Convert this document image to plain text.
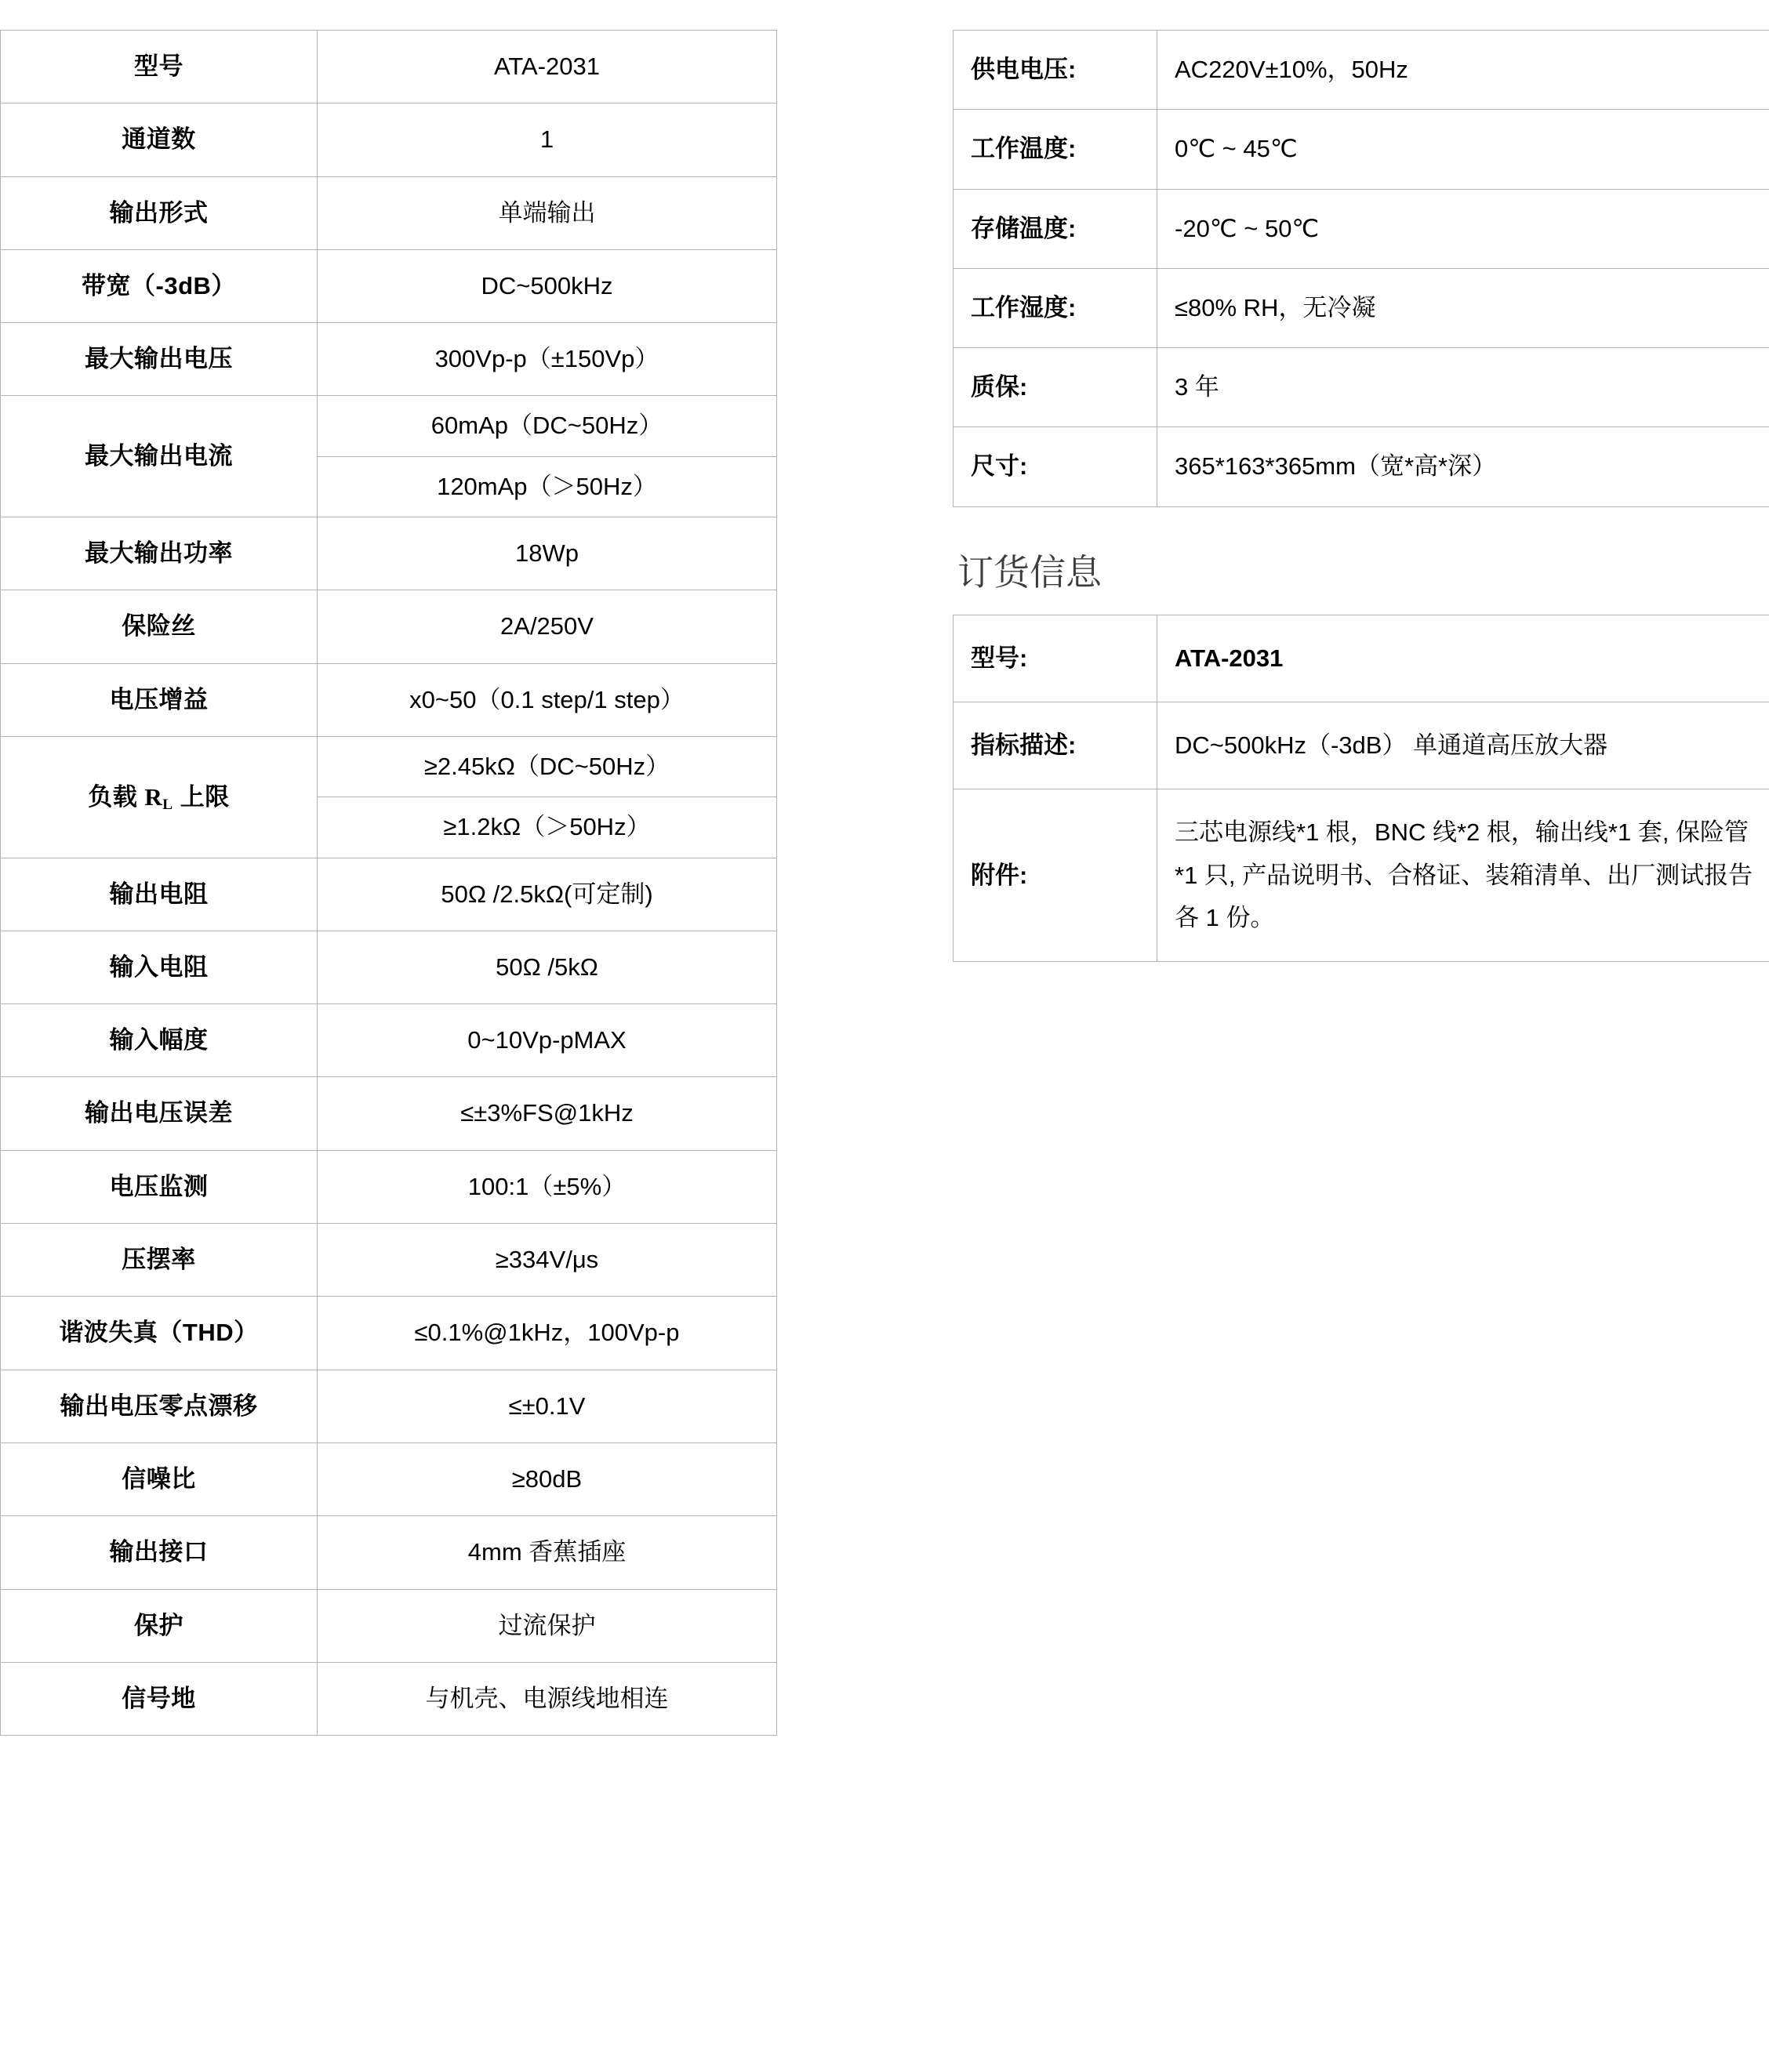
型号	ATA-2031
通道数	1
输出形式	单端输出
带宽（-3dB）	DC~500kHz
最大输出电压	300Vp-p（±150Vp）
最大输出电流	60mAp（DC~50Hz）
	120mAp（＞50Hz）
最大输出功率	18Wp
保险丝	2A/250V
电压增益	x0~50（0.1 step/1 step）
负载 $R_L$ 上限	≥2.45kΩ（DC~50Hz）
	≥1.2kΩ（＞50Hz）
输出电阻	50Ω /2.5kΩ(可定制)
输入电阻	50Ω /5kΩ
输入幅度	0~10Vp-pMAX
输出电压误差	≤±3%FS@1kHz
电压监测	100:1（±5%）
压摆率	≥334V/μs
谐波失真（THD）	≤0.1%@1kHz，100Vp-p
输出电压零点漂移	≤±0.1V
信噪比	≥80dB
输出接口	4mm 香蕉插座
保护	过流保护
信号地	与机壳、电源线地相连
供电电压:	AC220V±10%，50Hz
工作温度:	0℃ ~ 45℃
存储温度:	-20℃ ~ 50℃
工作湿度:	≤80% RH，无冷凝
质保:	3 年
尺寸:	365*163*365mm（宽*高*深）
订货信息
型号:	ATA-2031
指标描述:	DC~500kHz（-3dB） 单通道高压放大器
附件:	三芯电源线*1 根，BNC 线*2 根，输出线*1 套, 保险管*1 只, 产品说明书、合格证、装箱清单、出厂测试报告各 1 份。
